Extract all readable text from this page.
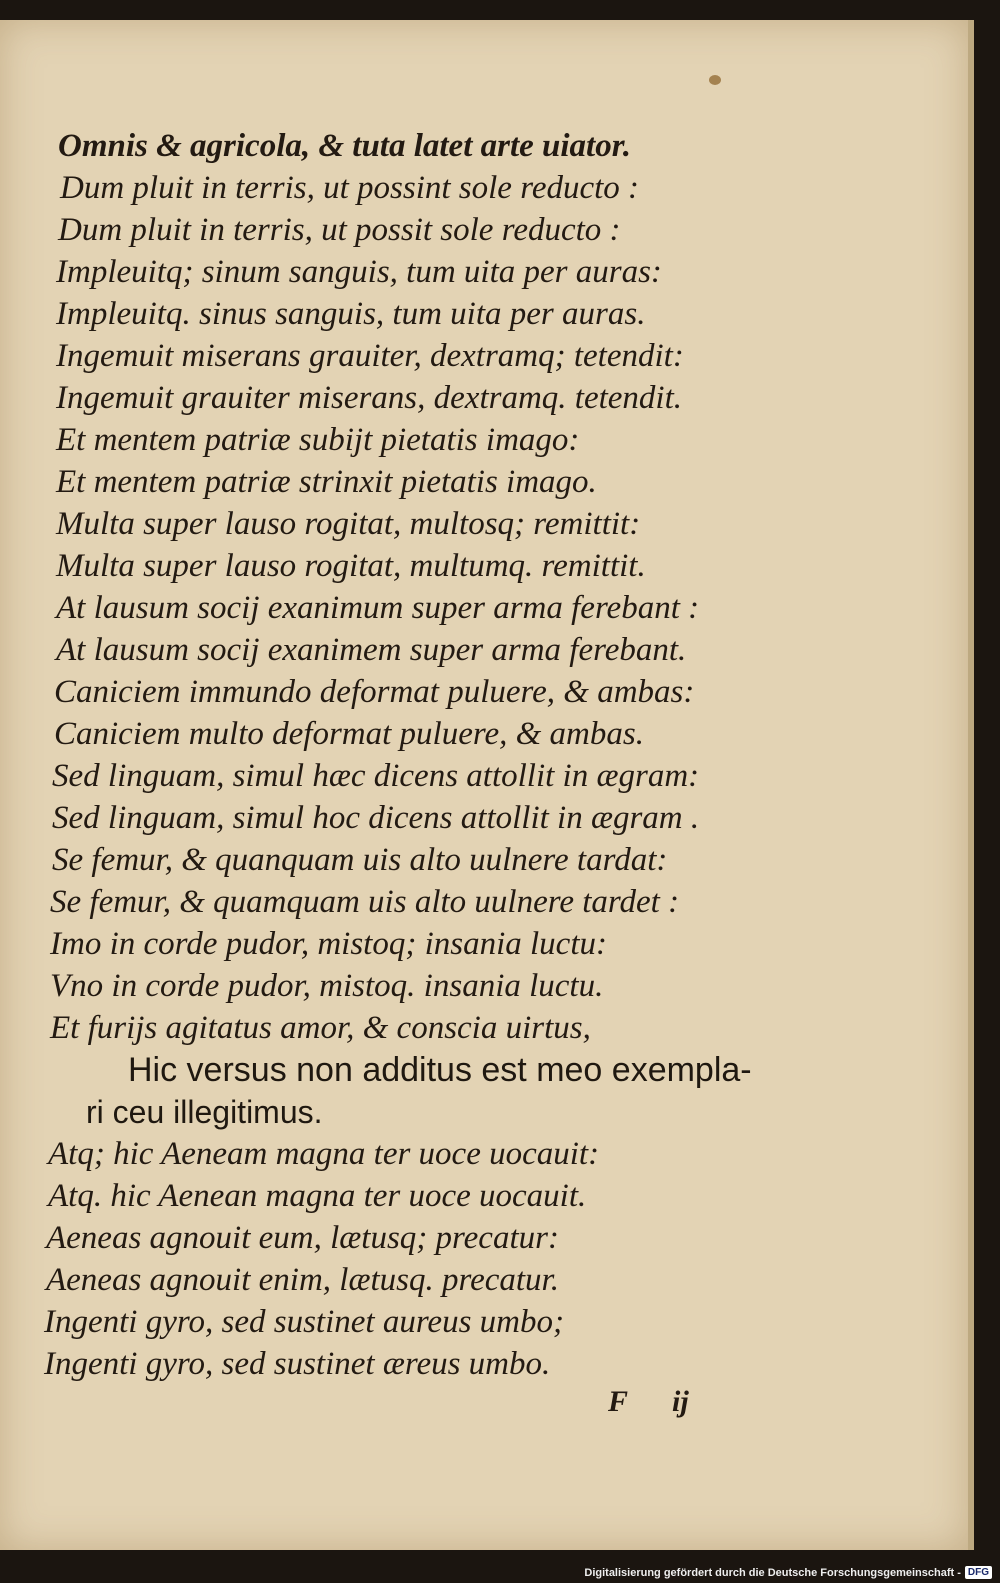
Omnis & agricola, & tuta latet arte uiator.
Dum pluit in terris, ut possint sole reducto :
Dum pluit in terris, ut possit sole reducto :
Impleuitq; sinum sanguis, tum uita per auras:
Impleuitq. sinus sanguis, tum uita per auras.
Ingemuit miserans grauiter, dextramq; tetendit:
Ingemuit grauiter miserans, dextramq. tetendit.
Et mentem patriæ subijt pietatis imago:
Et mentem patriæ strinxit pietatis imago.
Multa super lauso rogitat, multosq; remittit:
Multa super lauso rogitat, multumq. remittit.
At lausum socij exanimum super arma ferebant :
At lausum socij exanimem super arma ferebant.
Caniciem immundo deformat puluere, & ambas:
Caniciem multo deformat puluere, & ambas.
Sed linguam, simul hæc dicens attollit in ægram:
Sed linguam, simul hoc dicens attollit in ægram .
Se femur, & quanquam uis alto uulnere tardat:
Se femur, & quamquam uis alto uulnere tardet :
Imo in corde pudor, mistoq; insania luctu:
Vno in corde pudor, mistoq. insania luctu.
Et furijs agitatus amor, & conscia uirtus,
Hic versus non additus est meo exempla-
ri ceu illegitimus.
Atq; hic Aeneam magna ter uoce uocauit:
Atq. hic Aenean magna ter uoce uocauit.
Aeneas agnouit eum, lætusq; precatur:
Aeneas agnouit enim, lætusq. precatur.
Ingenti gyro, sed sustinet aureus umbo;
Ingenti gyro, sed sustinet æreus umbo.
F ij
Digitalisierung gefördert durch die Deutsche Forschungsgemeinschaft - DFG
